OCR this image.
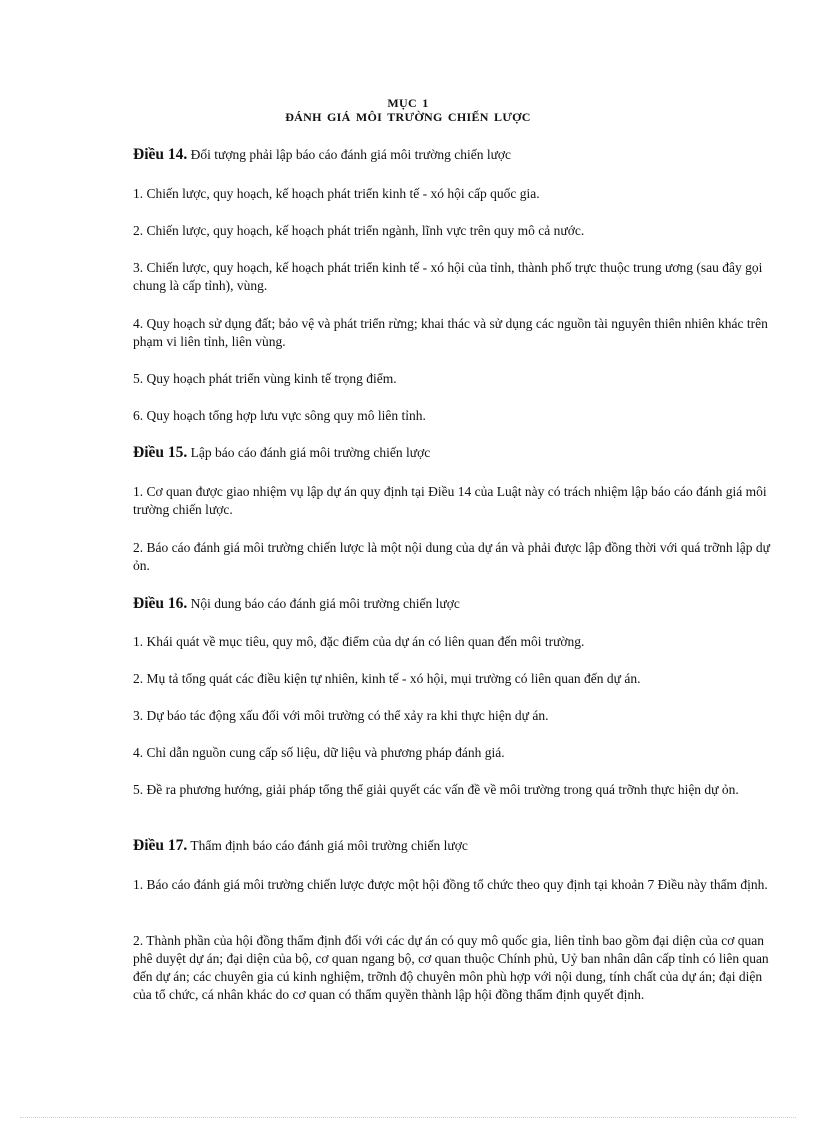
MỤC 1
ĐÁNH GIÁ MÔI TRƯỜNG CHIẾN LƯỢC
Điều 14. Đối tượng phải lập báo cáo đánh giá môi trường chiến lược
1. Chiến lược, quy hoạch, kế hoạch phát triển kinh tế - xó hội cấp quốc gia.
2. Chiến lược, quy hoạch, kế hoạch phát triển ngành, lĩnh vực trên quy mô cả nước.
3. Chiến lược, quy hoạch, kế hoạch phát triển kinh tế - xó hội của tỉnh, thành phố trực thuộc trung ương (sau đây gọi chung là cấp tỉnh), vùng.
4. Quy hoạch sử dụng đất; bảo vệ và phát triển rừng; khai thác và sử dụng các nguồn tài nguyên thiên nhiên khác trên phạm vi liên tỉnh, liên vùng.
5. Quy hoạch phát triển vùng kinh tế trọng điểm.
6. Quy hoạch tổng hợp lưu vực sông quy mô liên tỉnh.
Điều 15. Lập báo cáo đánh giá môi trường chiến lược
1. Cơ quan được giao nhiệm vụ lập dự án quy định tại Điều 14 của Luật này có trách nhiệm lập báo cáo đánh giá môi trường chiến lược.
2. Báo cáo đánh giá môi trường chiến lược là một nội dung của dự án và phải được lập đồng thời với quá trỡnh lập dự ỏn.
Điều 16. Nội dung báo cáo đánh giá môi trường chiến lược
1. Khái quát về mục tiêu, quy mô, đặc điểm của dự án có liên quan đến môi trường.
2. Mụ tả tổng quát các điều kiện tự nhiên, kinh tế - xó hội, mụi trường có liên quan đến dự án.
3. Dự báo tác động xấu đối với môi trường có thể xảy ra khi thực hiện dự án.
4. Chỉ dẫn nguồn cung cấp số liệu, dữ liệu và phương pháp đánh giá.
5. Đề ra phương hướng, giải pháp tổng thể giải quyết các vấn đề về môi trường trong quá trỡnh thực hiện dự ỏn.
Điều 17. Thẩm định báo cáo đánh giá môi trường chiến lược
1. Báo cáo đánh giá môi trường chiến lược được một hội đồng tổ chức theo quy định tại khoản 7 Điều này thẩm định.
2. Thành phần của hội đồng thẩm định đối với các dự án có quy mô quốc gia, liên tỉnh bao gồm đại diện của cơ quan phê duyệt dự án; đại diện của bộ, cơ quan ngang bộ, cơ quan thuộc Chính phủ, Uỷ ban nhân dân cấp tỉnh có liên quan đến dự án; các chuyên gia cú kinh nghiệm, trỡnh độ chuyên môn phù hợp với nội dung, tính chất của dự án; đại diện của tổ chức, cá nhân khác do cơ quan có thẩm quyền thành lập hội đồng thẩm định quyết định.
